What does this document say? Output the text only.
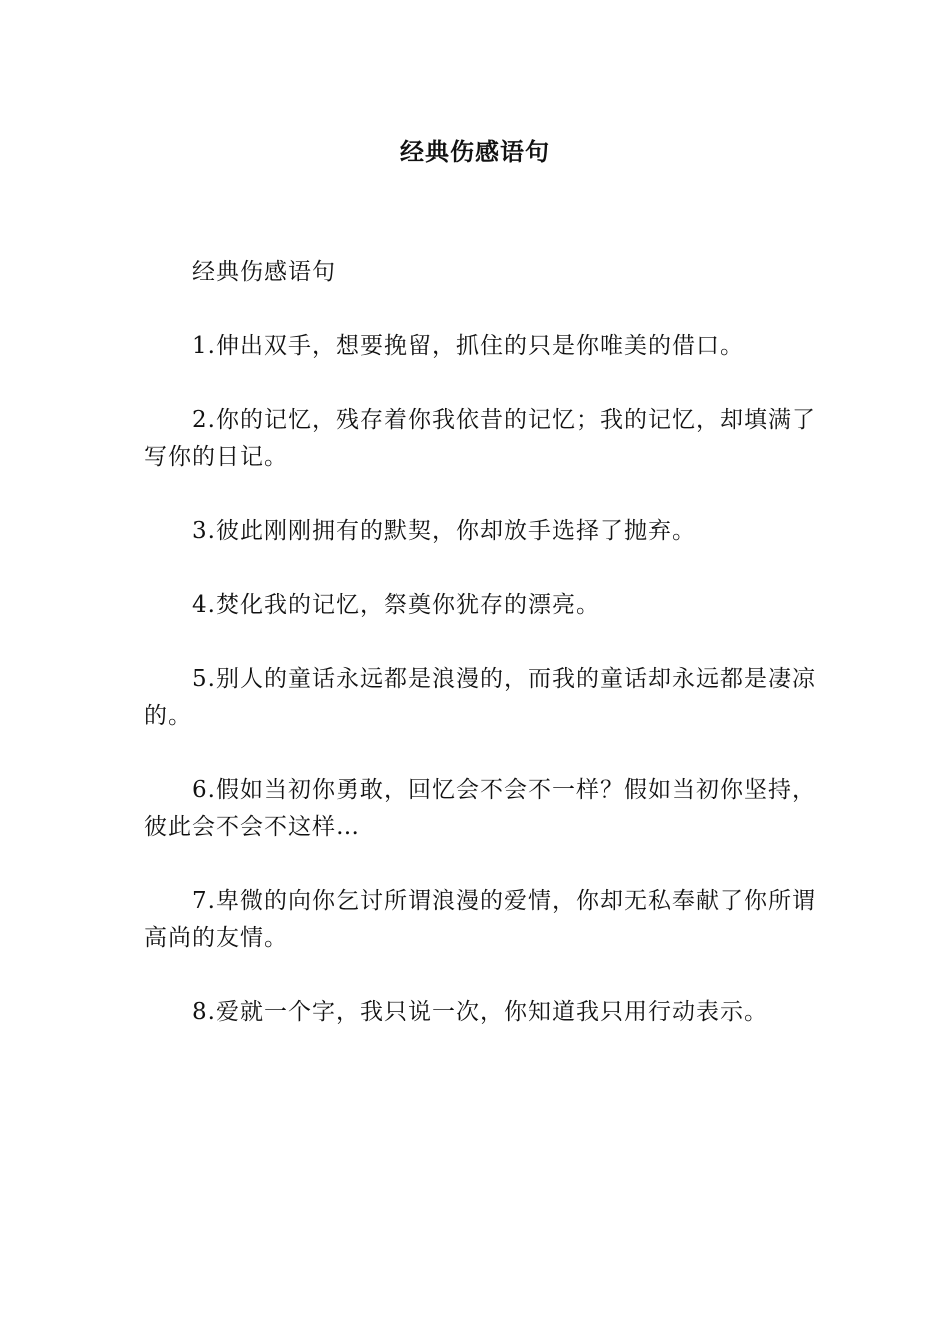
经典伤感语句

经典伤感语句

1.伸出双手，想要挽留，抓住的只是你唯美的借口。

2.你的记忆，残存着你我依昔的记忆；我的记忆，却填满了写你的日记。

3.彼此刚刚拥有的默契，你却放手选择了抛弃。

4.焚化我的记忆，祭奠你犹存的漂亮。

5.别人的童话永远都是浪漫的，而我的童话却永远都是凄凉的。

6.假如当初你勇敢，回忆会不会不一样？假如当初你坚持，彼此会不会不这样…

7.卑微的向你乞讨所谓浪漫的爱情，你却无私奉献了你所谓高尚的友情。

8.爱就一个字，我只说一次，你知道我只用行动表示。
